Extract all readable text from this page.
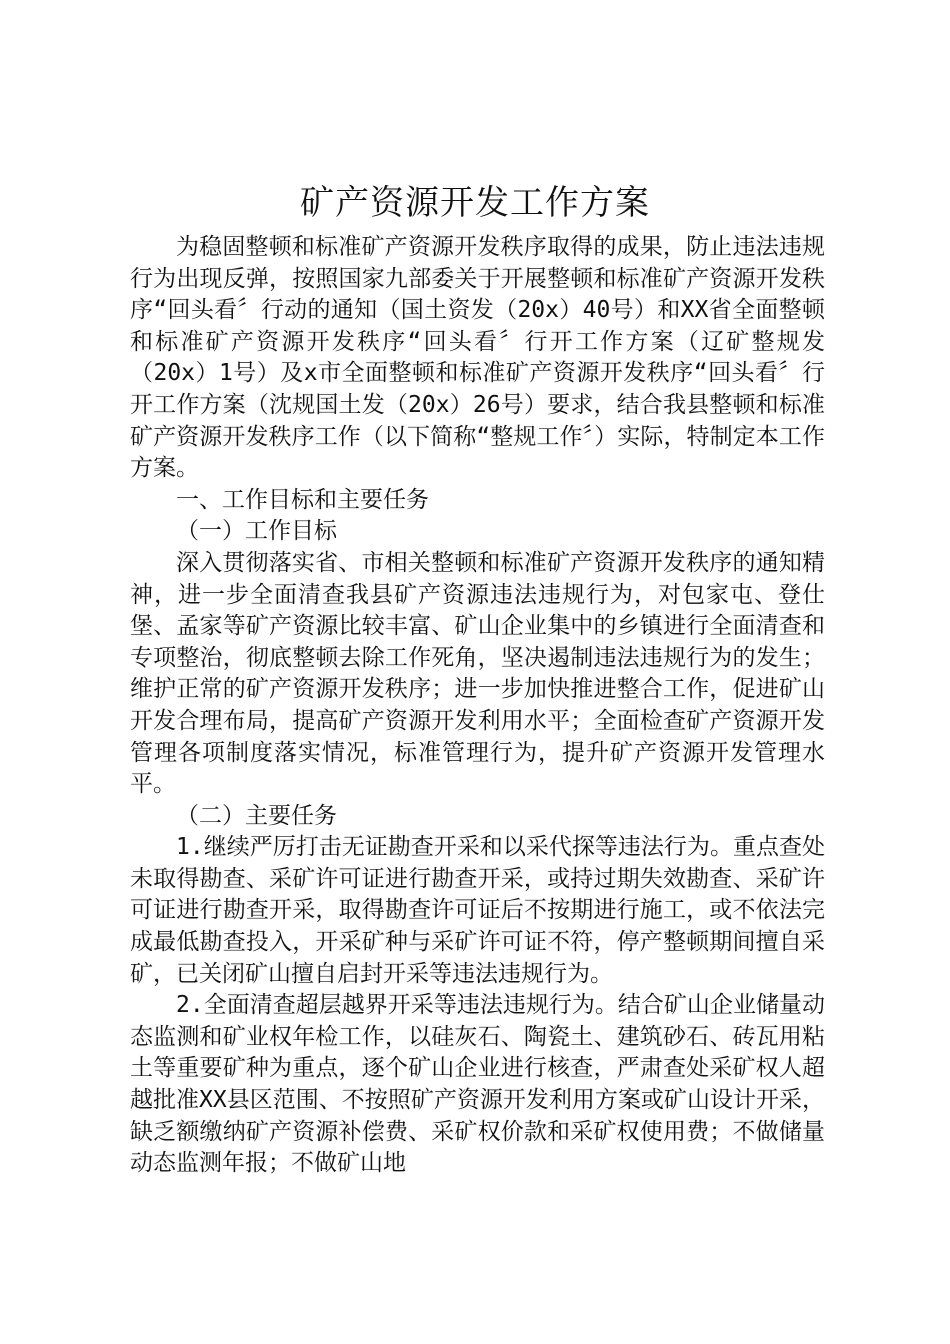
矿产资源开发工作方案

为稳固整顿和标准矿产资源开发秩序取得的成果，防止违法违规行为出现反弹，按照国家九部委关于开展整顿和标准矿产资源开发秩序“回头看〞行动的通知（国土资发（20x）40号）和XX省全面整顿和标准矿产资源开发秩序“回头看〞行开工作方案（辽矿整规发（20x）1号）及x市全面整顿和标准矿产资源开发秩序“回头看〞行开工作方案（沈规国土发（20x）26号）要求，结合我县整顿和标准矿产资源开发秩序工作（以下简称“整规工作〞）实际，特制定本工作方案。

一、工作目标和主要任务

（一）工作目标

深入贯彻落实省、市相关整顿和标准矿产资源开发秩序的通知精神，进一步全面清查我县矿产资源违法违规行为，对包家屯、登仕堡、孟家等矿产资源比较丰富、矿山企业集中的乡镇进行全面清查和专项整治，彻底整顿去除工作死角，坚决遏制违法违规行为的发生；维护正常的矿产资源开发秩序；进一步加快推进整合工作，促进矿山开发合理布局，提高矿产资源开发利用水平；全面检查矿产资源开发管理各项制度落实情况，标准管理行为，提升矿产资源开发管理水平。

（二）主要任务

1.继续严厉打击无证勘查开采和以采代探等违法行为。重点查处未取得勘查、采矿许可证进行勘查开采，或持过期失效勘查、采矿许可证进行勘查开采，取得勘查许可证后不按期进行施工，或不依法完成最低勘查投入，开采矿种与采矿许可证不符，停产整顿期间擅自采矿，已关闭矿山擅自启封开采等违法违规行为。

2.全面清查超层越界开采等违法违规行为。结合矿山企业储量动态监测和矿业权年检工作，以硅灰石、陶瓷土、建筑砂石、砖瓦用粘土等重要矿种为重点，逐个矿山企业进行核查，严肃查处采矿权人超越批准XX县区范围、不按照矿产资源开发利用方案或矿山设计开采，缺乏额缴纳矿产资源补偿费、采矿权价款和采矿权使用费；不做储量动态监测年报；不做矿山地
